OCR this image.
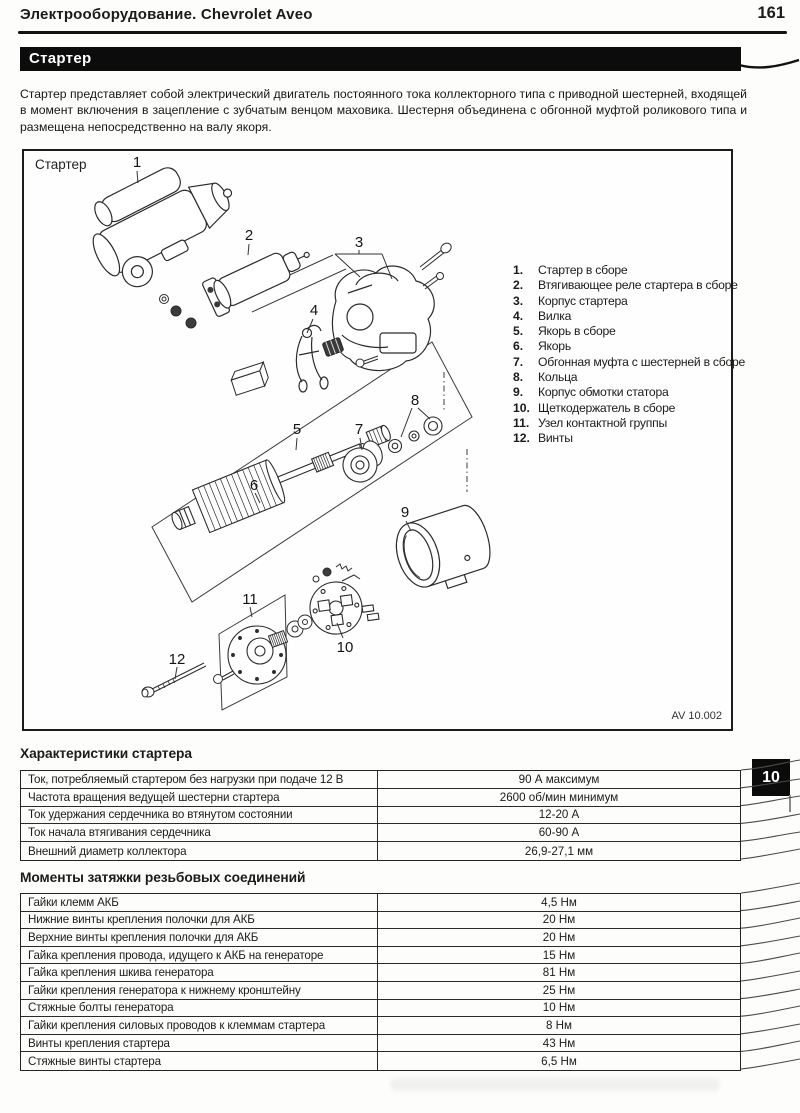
Электрооборудование. Chevrolet Aveo	161
Стартер
Стартер представляет собой электрический двигатель постоянного тока коллекторного типа с приводной шестерней, входящей в момент включения в зацепление с зубчатым венцом маховика. Шестерня объединена с обгонной муфтой роликового типа и размещена непосредственно на валу якоря.
1
2	3
4
5
6
7
8
9
10
11
12
Стартер
AV 10.002
1.	Стартер в сборе
2.	Втягивающее реле стартера в сборе
3.	Корпус стартера
4.	Вилка
5.	Якорь в сборе
6.	Якорь
7.	Обгонная муфта с шестерней в сборе
8.	Кольца
9.	Корпус обмотки статора
10. Щеткодержатель в сборе
11. Узел контактной группы
12. Винты
Характеристики стартера
Ток, потребляемый стартером без нагрузки при подаче 12 В	90 А максимум
Частота вращения ведущей шестерни стартера	2600 об/мин минимум
Ток удержания сердечника во втянутом состоянии	12-20 А
Ток начала втягивания сердечника	60-90 А
Внешний диаметр коллектора	26,9-27,1 мм
Моменты затяжки резьбовых соединений
Гайки клемм АКБ	4,5 Нм
Нижние винты крепления полочки для АКБ	20 Нм
Верхние винты крепления полочки для АКБ	20 Нм
Гайка крепления провода, идущего к АКБ на генераторе	15 Нм
Гайка крепления шкива генератора	81 Нм
Гайки крепления генератора к нижнему кронштейну	25 Нм
Стяжные болты генератора	10 Нм
Гайки крепления силовых проводов к клеммам стартера	8 Нм
Винты крепления стартера	43 Нм
Стяжные винты стартера	6,5 Нм
10
